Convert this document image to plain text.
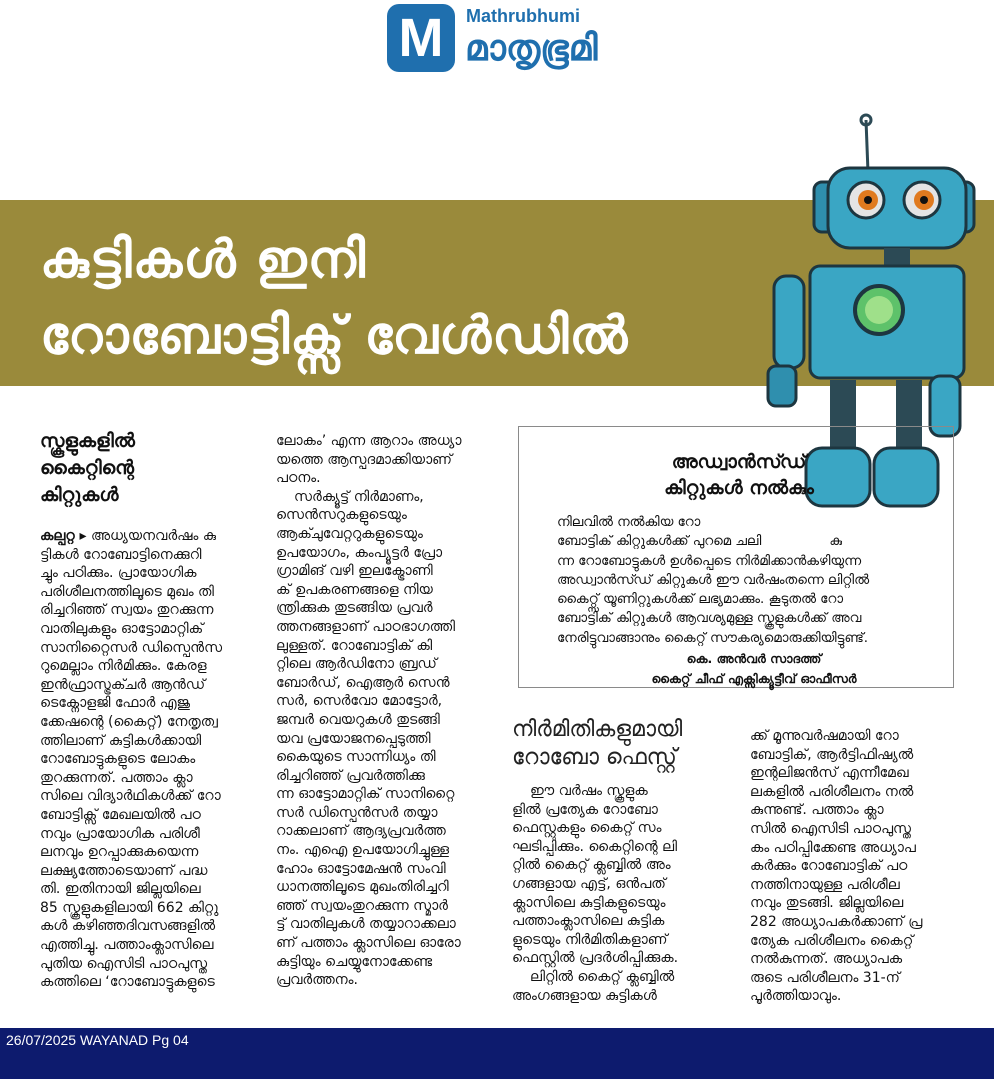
M Mathrubhumi
മാതൃഭൂമി
കുട്ടികൾ ഇനി
റോബോട്ടിക്സ് വേൾഡിൽ
സ്കൂളുകളിൽ
കൈറ്റിന്റെ
കിറ്റുകൾ

കല്പറ്റ ▸ അധ്യയനവർഷം കു

ട്ടികൾ റോബോട്ടിനെക്കുറി

ച്ചും പഠിക്കും. പ്രായോഗിക

പരിശീലനത്തിലൂടെ മുഖം തി

രിച്ചറിഞ്ഞ് സ്വയം തുറക്കുന്ന

വാതിലുകളും ഓട്ടോമാറ്റിക്

സാനിറ്റൈസർ ഡിസ്പെൻസ

റുമെല്ലാം നിർമിക്കും. കേരള

ഇൻഫ്രാസ്ട്രക്ചർ ആൻഡ്

ടെക്നോളജി ഫോർ എജു

ക്കേഷന്റെ (കൈറ്റ്) നേതൃത്വ

ത്തിലാണ് കുട്ടികൾക്കായി

റോബോട്ടുകളുടെ ലോകം

തുറക്കുന്നത്. പത്താം ക്ലാ

സിലെ വിദ്യാർഥികൾക്ക് റോ

ബോട്ടിക്സ് മേഖലയിൽ പഠ

നവും പ്രായോഗിക പരിശീ

ലനവും ഉറപ്പാക്കുകയെന്ന

ലക്ഷ്യത്തോടെയാണ് പദ്ധ

തി. ഇതിനായി ജില്ലയിലെ

85 സ്കൂളുകളിലായി 662 കിറ്റു

കൾ കഴിഞ്ഞദിവസങ്ങളിൽ

എത്തിച്ചു. പത്താംക്ലാസിലെ

പുതിയ ഐസിടി പാഠപുസ്ത

കത്തിലെ ‘റോബോട്ടുകളുടെ

ലോകം’ എന്ന ആറാം അധ്യാ

യത്തെ ആസ്പദമാക്കിയാണ്

പഠനം.

സർക്യൂട്ട് നിർമാണം,

സെൻസറുകളുടെയും

ആക്ചുവേറ്ററുകളുടെയും

ഉപയോഗം, കംപ്യൂട്ടർ പ്രോ

ഗ്രാമിങ് വഴി ഇലക്ട്രോണി

ക് ഉപകരണങ്ങളെ നിയ

ന്ത്രിക്കുക തുടങ്ങിയ പ്രവർ

ത്തനങ്ങളാണ് പാഠഭാഗത്തി

ലുള്ളത്. റോബോട്ടിക് കി

റ്റിലെ ആർഡിനോ ബ്രഡ്

ബോർഡ്, ഐആർ സെൻ

സർ, സെർവോ മോട്ടോർ,

ജമ്പർ വെയറുകൾ തുടങ്ങി

യവ പ്രയോജനപ്പെടുത്തി

കൈയുടെ സാന്നിധ്യം തി

രിച്ചറിഞ്ഞ് പ്രവർത്തിക്കു

ന്ന ഓട്ടോമാറ്റിക് സാനിറ്റൈ

സർ ഡിസ്പെൻസർ തയ്യാ

റാക്കലാണ് ആദ്യപ്രവർത്ത

നം. എഐ ഉപയോഗിച്ചുള്ള

ഹോം ഓട്ടോമേഷൻ സംവി

ധാനത്തിലൂടെ മുഖംതിരിച്ചറി

ഞ്ഞ് സ്വയംതുറക്കുന്ന സ്മാർ

ട്ട് വാതിലുകൾ തയ്യാറാക്കലാ

ണ് പത്താം ക്ലാസിലെ ഓരോ

കുട്ടിയും ചെയ്യുനോക്കേണ്ട

പ്രവർത്തനം.

അഡ്വാൻസ്ഡ്
കിറ്റുകൾ നൽകും

നിലവിൽ നൽകിയ റോ

ബോട്ടിക് കിറ്റുകൾക്ക് പുറമെ ചലി                കു

ന്ന റോബോട്ടുകൾ ഉൾപ്പെടെ നിർമിക്കാൻകഴിയുന്ന

അഡ്വാൻസ്ഡ് കിറ്റുകൾ ഈ വർഷംതന്നെ ലിറ്റിൽ

കൈറ്റ്സ് യൂണിറ്റുകൾക്ക് ലഭ്യമാക്കും. കൂടുതൽ റോ

ബോട്ടിക് കിറ്റുകൾ ആവശ്യമുള്ള സ്കൂളുകൾക്ക് അവ

നേരിട്ടുവാങ്ങാനും കൈറ്റ് സൗകര്യമൊരുക്കിയിട്ടുണ്ട്.

കെ. അൻവർ സാദത്ത്
കൈറ്റ് ചീഫ് എക്സിക്യൂട്ടീവ് ഓഫീസർ
നിർമിതികളുമായി
റോബോ ഫെസ്റ്റ്

ഈ വർഷം സ്കൂളുക

ളിൽ പ്രത്യേക റോബോ

ഫെസ്റ്റുകളും കൈറ്റ് സം

ഘടിപ്പിക്കും. കൈറ്റിന്റെ ലി

റ്റിൽ കൈറ്റ് ക്ലബ്ബിൽ അം

ഗങ്ങളായ എട്ട്, ഒൻപത്

ക്ലാസിലെ കുട്ടികളുടെയും

പത്താംക്ലാസിലെ കുട്ടിക

ളുടെയും നിർമിതികളാണ്

ഫെസ്റ്റിൽ പ്രദർശിപ്പിക്കുക.

ലിറ്റിൽ കൈറ്റ് ക്ലബ്ബിൽ

അംഗങ്ങളായ കുട്ടികൾ

ക്ക് മൂന്നുവർഷമായി റോ

ബോട്ടിക്, ആർട്ടിഫിഷ്യൽ

ഇന്റലിജൻസ് എന്നീമേഖ

ലകളിൽ പരിശീലനം നൽ

കുന്നുണ്ട്. പത്താം ക്ലാ

സിൽ ഐസിടി പാഠപുസ്ത

കം പഠിപ്പിക്കേണ്ട അധ്യാപ

കർക്കും റോബോട്ടിക് പഠ

നത്തിനായുള്ള പരിശീല

നവും തുടങ്ങി. ജില്ലയിലെ

282 അധ്യാപകർക്കാണ് പ്ര

ത്യേക പരിശീലനം കൈറ്റ്

നൽകുന്നത്. അധ്യാപക

രുടെ പരിശീലനം 31-ന്

പൂർത്തിയാവും.

26/07/2025 WAYANAD Pg 04
